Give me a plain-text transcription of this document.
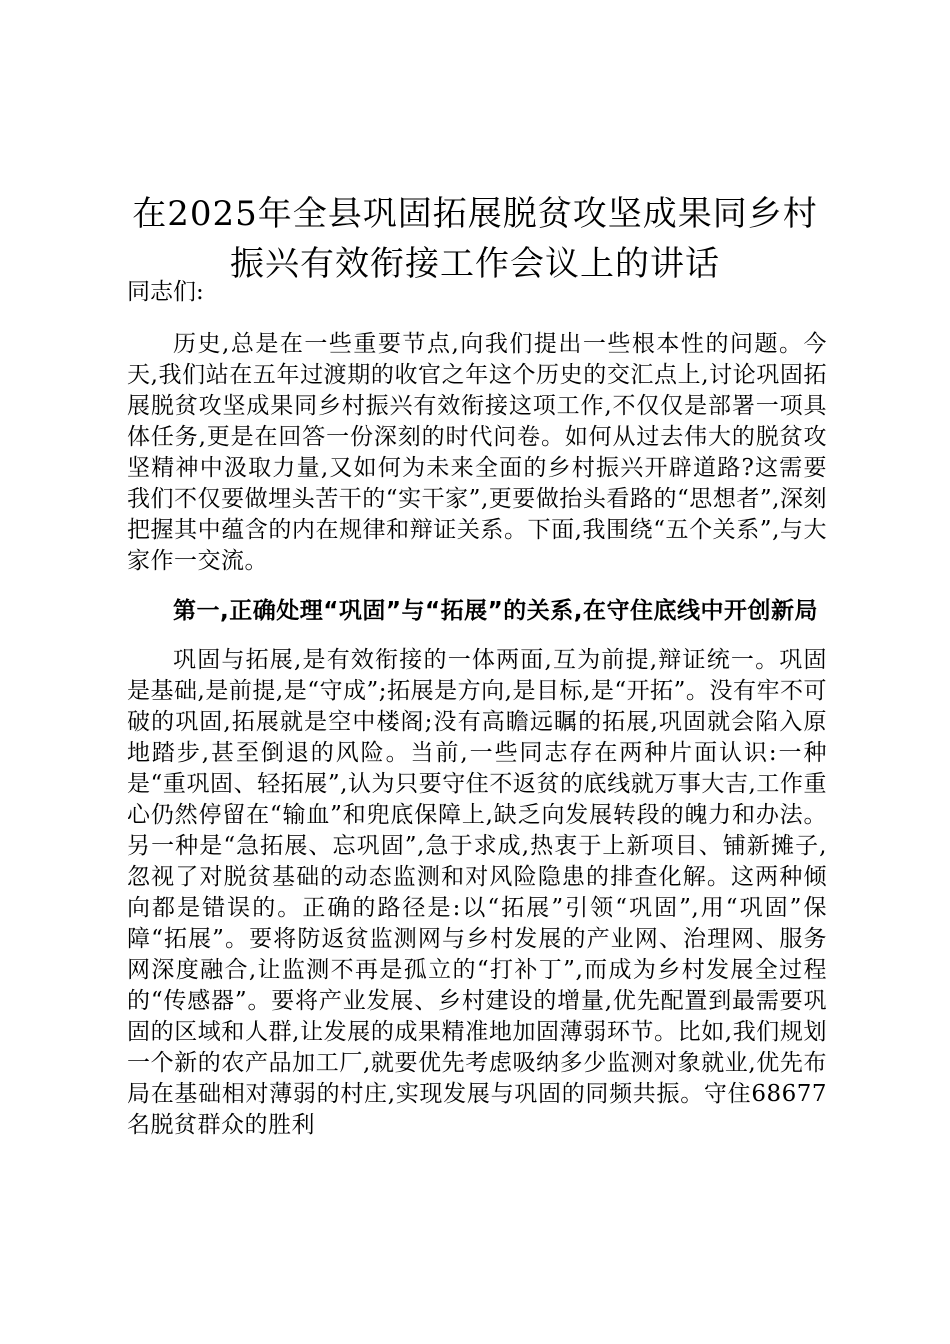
在2025年全县巩固拓展脱贫攻坚成果同乡村
振兴有效衔接工作会议上的讲话

同志们:

历史,总是在一些重要节点,向我们提出一些根本性的问题。今天,我们站在五年过渡期的收官之年这个历史的交汇点上,讨论巩固拓展脱贫攻坚成果同乡村振兴有效衔接这项工作,不仅仅是部署一项具体任务,更是在回答一份深刻的时代问卷。如何从过去伟大的脱贫攻坚精神中汲取力量,又如何为未来全面的乡村振兴开辟道路?这需要我们不仅要做埋头苦干的“实干家”,更要做抬头看路的“思想者”,深刻把握其中蕴含的内在规律和辩证关系。下面,我围绕“五个关系”,与大家作一交流。

第一,正确处理“巩固”与“拓展”的关系,在守住底线中开创新局

巩固与拓展,是有效衔接的一体两面,互为前提,辩证统一。巩固是基础,是前提,是“守成”;拓展是方向,是目标,是“开拓”。没有牢不可破的巩固,拓展就是空中楼阁;没有高瞻远瞩的拓展,巩固就会陷入原地踏步,甚至倒退的风险。当前,一些同志存在两种片面认识:一种是“重巩固、轻拓展”,认为只要守住不返贫的底线就万事大吉,工作重心仍然停留在“输血”和兜底保障上,缺乏向发展转段的魄力和办法。另一种是“急拓展、忘巩固”,急于求成,热衷于上新项目、铺新摊子,忽视了对脱贫基础的动态监测和对风险隐患的排查化解。这两种倾向都是错误的。正确的路径是:以“拓展”引领“巩固”,用“巩固”保障“拓展”。要将防返贫监测网与乡村发展的产业网、治理网、服务网深度融合,让监测不再是孤立的“打补丁”,而成为乡村发展全过程的“传感器”。要将产业发展、乡村建设的增量,优先配置到最需要巩固的区域和人群,让发展的成果精准地加固薄弱环节。比如,我们规划一个新的农产品加工厂,就要优先考虑吸纳多少监测对象就业,优先布局在基础相对薄弱的村庄,实现发展与巩固的同频共振。守住68677名脱贫群众的胜利
